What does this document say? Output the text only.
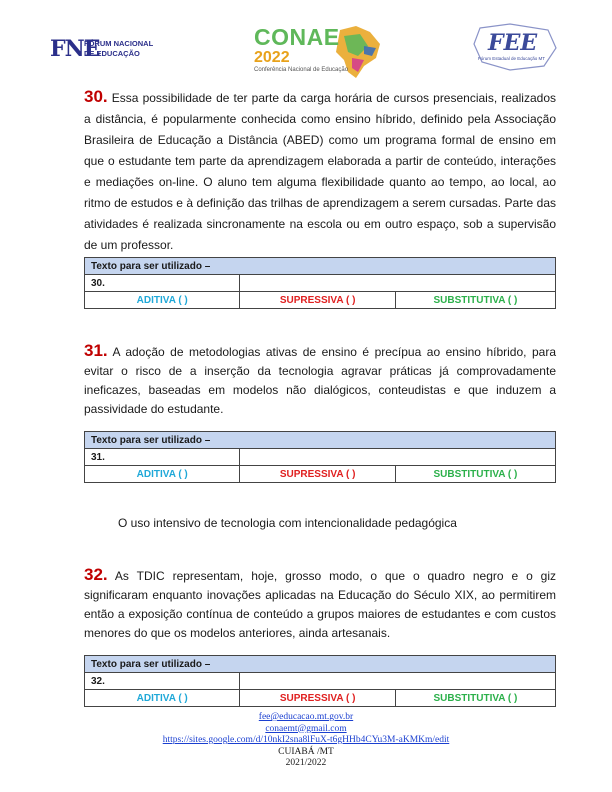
FNE
FÓRUM NACIONAL
DE EDUCAÇÃO
CONAE
2022
Conferência Nacional de Educação
FEE
Fórum Estadual de Educação MT
30. Essa possibilidade de ter parte da carga horária de cursos presenciais, realizados a distância, é popularmente conhecida como ensino híbrido, definido pela Associação Brasileira de Educação a Distância (ABED) como um programa formal de ensino em que o estudante tem parte da aprendizagem elaborada a partir de conteúdo, interações e mediações on-line. O aluno tem alguma flexibilidade quanto ao tempo, ao local, ao ritmo de estudos e à definição das trilhas de aprendizagem a serem cursadas. Parte das atividades é realizada sincronamente na escola ou em outro espaço, sob a supervisão de um professor.
Texto para ser utilizado –		
30.		
ADITIVA ( )	SUPRESSIVA ( )	SUBSTITUTIVA ( )
31. A adoção de metodologias ativas de ensino é precípua ao ensino híbrido, para evitar o risco de a inserção da tecnologia agravar práticas já comprovadamente ineficazes, baseadas em modelos não dialógicos, conteudistas e que induzem a passividade do estudante.
Texto para ser utilizado –		
31.		
ADITIVA ( )	SUPRESSIVA ( )	SUBSTITUTIVA ( )
O uso intensivo de tecnologia com intencionalidade pedagógica
32. As TDIC representam, hoje, grosso modo, o que o quadro negro e o giz significaram enquanto inovações aplicadas na Educação do Século XIX, ao permitirem então a exposição contínua de conteúdo a grupos maiores de estudantes e com custos menores do que os modelos anteriores, ainda artesanais.
Texto para ser utilizado –		
32.		
ADITIVA ( )	SUPRESSIVA ( )	SUBSTITUTIVA ( )
fee@educacao.mt.gov.br
conaemt@gmail.com
https://sites.google.com/d/10nkI2sna8lFuX-t6gHHb4CYu3M-aKMKm/edit
CUIABÁ /MT
2021/2022
